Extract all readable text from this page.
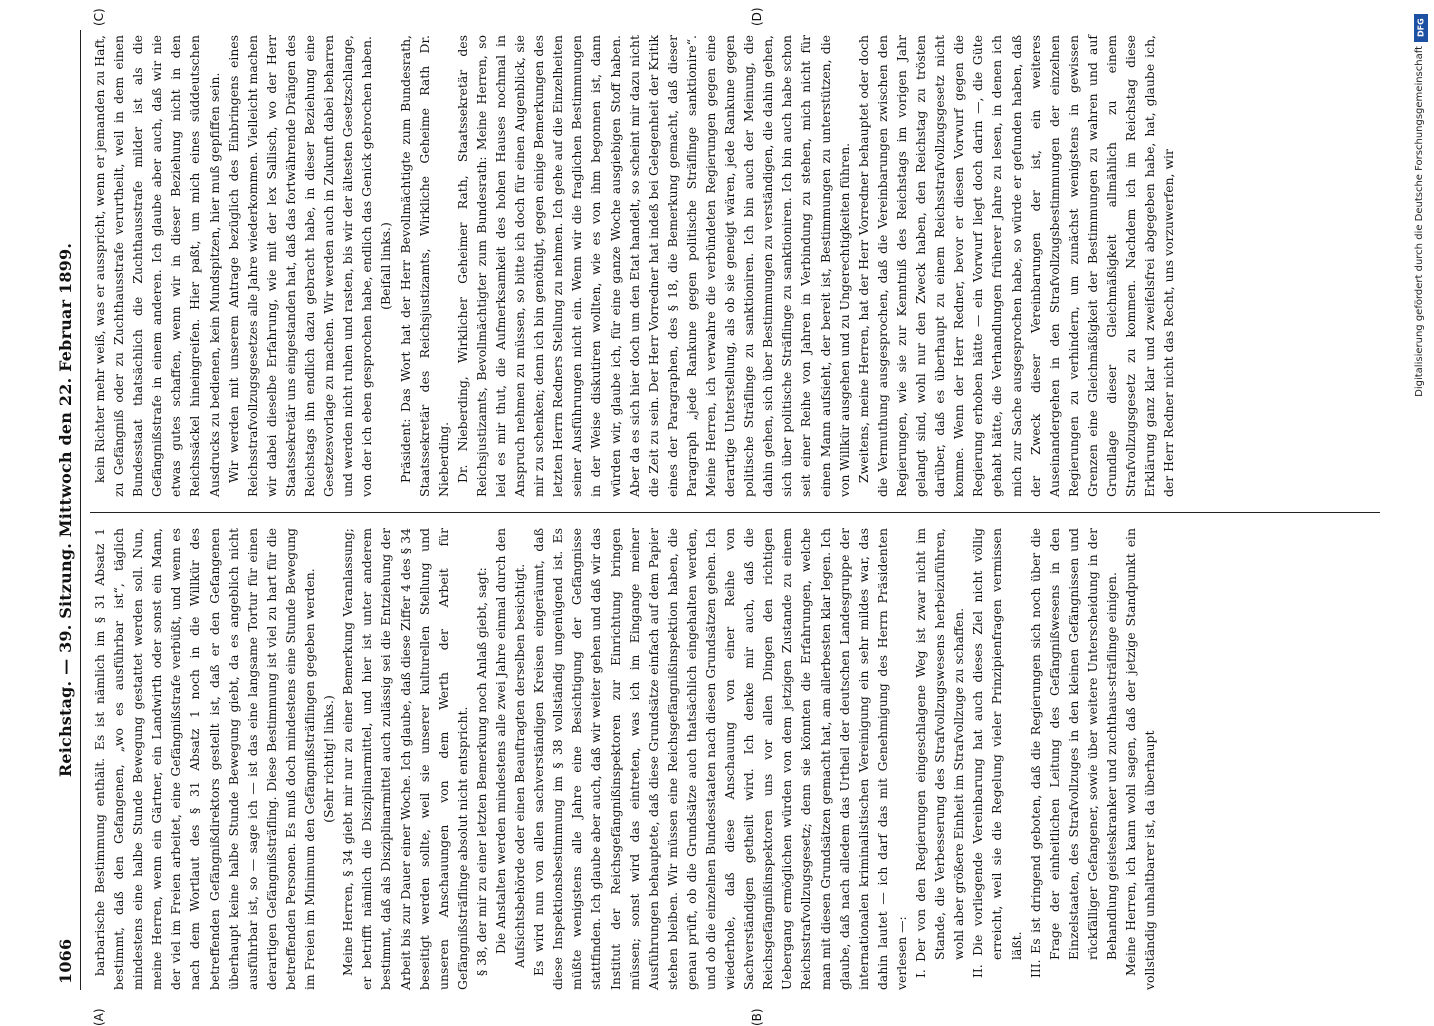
1066
Reichstag. — 39. Sitzung. Mittwoch den 22. Februar 1899.
(A)	(B)
(C)	(D)

barbarische Bestimmung enthält. Es ist nämlich im § 31 Absatz 1 bestimmt, daß den Gefangenen, „wo es ausführbar ist“, täglich mindestens eine halbe Stunde Bewegung gestattet werden soll. Nun, meine Herren, wenn ein Gärtner, ein Landwirth oder sonst ein Mann, der viel im Freien arbeitet, eine Gefängnißstrafe verbüßt, und wenn es nach dem Wortlaut des § 31 Absatz 1 noch in die Willkür des betreffenden Gefängnißdirektors gestellt ist, daß er den Gefangenen überhaupt keine halbe Stunde Bewegung giebt, da es angeblich nicht ausführbar ist, so — sage ich — ist das eine langsame Tortur für einen derartigen Gefängnißsträfling. Diese Bestimmung ist viel zu hart für die betreffenden Personen. Es muß doch mindestens eine Stunde Bewegung im Freien im Minimum den Gefängnißsträflingen gegeben werden. (Sehr richtig! links.) Meine Herren, § 34 giebt mir nur zu einer Bemerkung Veranlassung; er betrifft nämlich die Disziplinarmittel, und hier ist unter anderem bestimmt, daß als Disziplinarmittel auch zulässig sei die Entziehung der Arbeit bis zur Dauer einer Woche. Ich glaube, daß diese Ziffer 4 des § 34 beseitigt werden sollte, weil sie unserer kulturellen Stellung und unseren Anschauungen von dem Werth der Arbeit für Gefängnißsträflinge absolut nicht entspricht. § 38, der mir zu einer letzten Bemerkung noch Anlaß giebt, sagt: Die Anstalten werden mindestens alle zwei Jahre einmal durch den Aufsichtsbehörde oder einen Beauftragten derselben besichtigt. Es wird nun von allen sachverständigen Kreisen eingeräumt, daß diese Inspektionsbestimmung im § 38 vollständig ungenügend ist. Es müßte wenigstens alle Jahre eine Besichtigung der Gefängnisse stattfinden. Ich glaube aber auch, daß wir weiter gehen und daß wir das Institut der Reichsgefängnißinspektoren zur Einrichtung bringen müssen; sonst wird das eintreten, was ich im Eingange meiner Ausführungen behauptete, daß diese Grundsätze einfach auf dem Papier stehen bleiben. Wir müssen eine Reichsgefängnißinspektion haben, die genau prüft, ob die Grundsätze auch thatsächlich eingehalten werden, und ob die einzelnen Bundesstaaten nach diesen Grundsätzen gehen. Ich wiederhole, daß diese Anschauung von einer Reihe von Sachverständigen getheilt wird. Ich denke mir auch, daß die Reichsgefängnißinspektoren uns vor allen Dingen den richtigen Uebergang ermöglichen würden von dem jetzigen Zustande zu einem Reichsstrafvollzugsgesetz; denn sie könnten die Erfahrungen, welche man mit diesen Grundsätzen gemacht hat, am allerbesten klar legen. Ich glaube, daß nach alledem das Urtheil der deutschen Landesgruppe der internationalen kriminalistischen Vereinigung ein sehr mildes war, das dahin lautet — ich darf das mit Genehmigung des Herrn Präsidenten verlesen —: I. Der von den Regierungen eingeschlagene Weg ist zwar nicht im Stande, die Verbesserung des Strafvollzugswesens herbeizuführen, wohl aber größere Einheit im Strafvollzuge zu schaffen. II. Die vorliegende Vereinbarung hat auch dieses Ziel nicht völlig erreicht, weil sie die Regelung vieler Prinzipienfragen vermissen läßt. III. Es ist dringend geboten, daß die Regierungen sich noch über die Frage der einheitlichen Leitung des Gefängnißwesens in den Einzelstaaten, des Strafvollzuges in den kleinen Gefängnissen und rückfälliger Gefangener, sowie über weitere Unterscheidung in der Behandlung geisteskranker und zuchthaus-sträflinge einigen. Meine Herren, ich kann wohl sagen, daß der jetzige Standpunkt ein vollständig unhaltbarer ist, da überhaupt

kein Richter mehr weiß, was er ausspricht, wenn er jemanden zu Haft, zu Gefängniß oder zu Zuchthausstrafe verurtheilt, weil in dem einen Bundesstaat thatsächlich die Zuchthausstrafe milder ist als die Gefängnißstrafe in einem anderen. Ich glaube aber auch, daß wir nie etwas gutes schaffen, wenn wir in dieser Beziehung nicht in den Reichssäckel hineingreifen. Hier paßt, um mich eines süddeutschen Ausdrucks zu bedienen, kein Mundspitzen, hier muß gepfiffen sein. Wir werden mit unserem Antrage bezüglich des Einbringens eines Reichsstrafvollzugsgesetzes alle Jahre wiederkommen. Vielleicht machen wir dabei dieselbe Erfahrung, wie mit der lex Sallisch, wo der Herr Staatssekretär uns eingestanden hat, daß das fortwährende Drängen des Reichstags ihn endlich dazu gebracht habe, in dieser Beziehung eine Gesetzesvorlage zu machen. Wir werden auch in Zukunft dabei beharren und werden nicht ruhen und rasten, bis wir der ältesten Gesetzschlange, von der ich eben gesprochen habe, endlich das Genick gebrochen haben. (Beifall links.) Präsident: Das Wort hat der Herr Bevollmächtigte zum Bundesrath, Staatssekretär des Reichsjustizamts, Wirkliche Geheime Rath Dr. Nieberding. Dr. Nieberding, Wirklicher Geheimer Rath, Staatssekretär des Reichsjustizamts, Bevollmächtigter zum Bundesrath: Meine Herren, so leid es mir thut, die Aufmerksamkeit des hohen Hauses nochmal in Anspruch nehmen zu müssen, so bitte ich doch für einen Augenblick, sie mir zu schenken; denn ich bin genöthigt, gegen einige Bemerkungen des letzten Herrn Redners Stellung zu nehmen. Ich gehe auf die Einzelheiten seiner Ausführungen nicht ein. Wenn wir die fraglichen Bestimmungen in der Weise diskutiren wollten, wie es von ihm begonnen ist, dann würden wir, glaube ich, für eine ganze Woche ausgiebigen Stoff haben. Aber da es sich hier doch um den Etat handelt, so scheint mir dazu nicht die Zeit zu sein. Der Herr Vorredner hat indeß bei Gelegenheit der Kritik eines der Paragraphen, des § 18, die Bemerkung gemacht, daß dieser Paragraph „jede Rankune gegen politische Sträflinge sanktionire“. Meine Herren, ich verwahre die verbündeten Regierungen gegen eine derartige Unterstellung, als ob sie geneigt wären, jede Rankune gegen politische Sträflinge zu sanktioniren. Ich bin auch der Meinung, die dahin gehen, sich über Bestimmungen zu verständigen, die dahin gehen, sich über politische Sträflinge zu sanktioniren. Ich bin auch habe schon seit einer Reihe von Jahren in Verbindung zu stehen, mich nicht für einen Mann aufsieht, der bereit ist, Bestimmungen zu unterstützen, die von Willkür ausgehen und zu Ungerechtigkeiten führen. Zweitens, meine Herren, hat der Herr Vorredner behauptet oder doch die Vermuthung ausgesprochen, daß die Vereinbarungen zwischen den Regierungen, wie sie zur Kenntniß des Reichstags im vorigen Jahr gelangt sind, wohl nur den Zweck haben, den Reichstag zu trösten darüber, daß es überhaupt zu einem Reichsstrafvollzugsgesetz nicht komme. Wenn der Herr Redner, bevor er diesen Vorwurf gegen die Regierung erhoben hätte — ein Vorwurf liegt doch darin —, die Güte gehabt hätte, die Verhandlungen früherer Jahre zu lesen, in denen ich mich zur Sache ausgesprochen habe, so würde er gefunden haben, daß der Zweck dieser Vereinbarungen der ist, ein weiteres Auseinandergehen in den Strafvollzugsbestimmungen der einzelnen Regierungen zu verhindern, um zunächst wenigstens in gewissen Grenzen eine Gleichmäßigkeit der Bestimmungen zu wahren und auf Grundlage dieser Gleichmäßigkeit allmählich zu einem Strafvollzugsgesetz zu kommen. Nachdem ich im Reichstag diese Erklärung ganz klar und zweifelsfrei abgegeben habe, hat, glaube ich, der Herr Redner nicht das Recht, uns vorzuwerfen, wir

DFG
Digitalisierung gefördert durch die Deutsche Forschungsgemeinschaft
